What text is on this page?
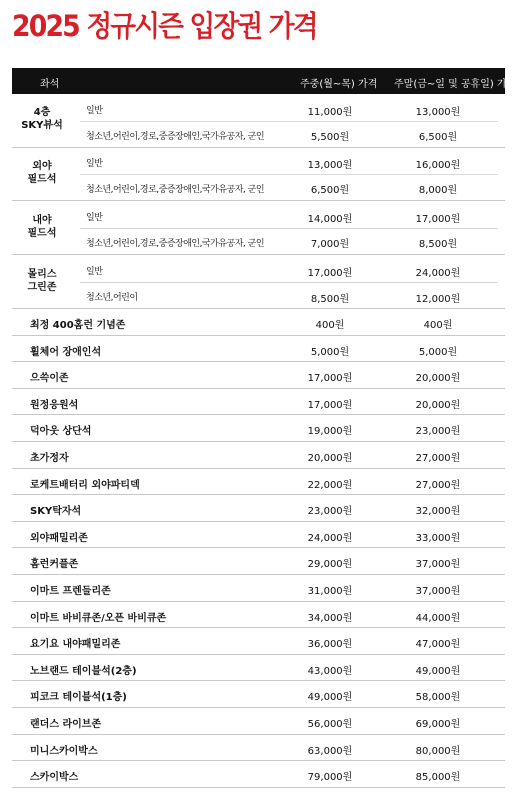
2025 정규시즌 입장권 가격
좌석	주중(월~목) 가격 주말(금~일 및 공휴일) 가격
4층
SKY뷰석
일반	11,000원	13,000원
청소년,어린이,경로,중증장애인,국가유공자, 군인	5,500원	6,500원
외야
필드석
일반	13,000원	16,000원
청소년,어린이,경로,중증장애인,국가유공자, 군인	6,500원	8,000원
내야
필드석
일반	14,000원	17,000원
청소년,어린이,경로,중증장애인,국가유공자, 군인	7,000원	8,500원
몰리스
그린존
일반	17,000원	24,000원
청소년,어린이	8,500원	12,000원
최정 400홈런 기념존	400원	400원
휠체어 장애인석	5,000원	5,000원
으쓱이존	17,000원	20,000원
원정응원석	17,000원	20,000원
덕아웃 상단석	19,000원	23,000원
초가정자	20,000원	27,000원
로케트배터리 외야파티덱	22,000원	27,000원
SKY탁자석	23,000원	32,000원
외야패밀리존	24,000원	33,000원
홈런커플존	29,000원	37,000원
이마트 프렌들리존	31,000원	37,000원
이마트 바비큐존/오픈 바비큐존	34,000원	44,000원
요기요 내야패밀리존	36,000원	47,000원
노브랜드 테이블석(2층)	43,000원	49,000원
피코크 테이블석(1층)	49,000원	58,000원
랜더스 라이브존	56,000원	69,000원
미니스카이박스	63,000원	80,000원
스카이박스	79,000원	85,000원
